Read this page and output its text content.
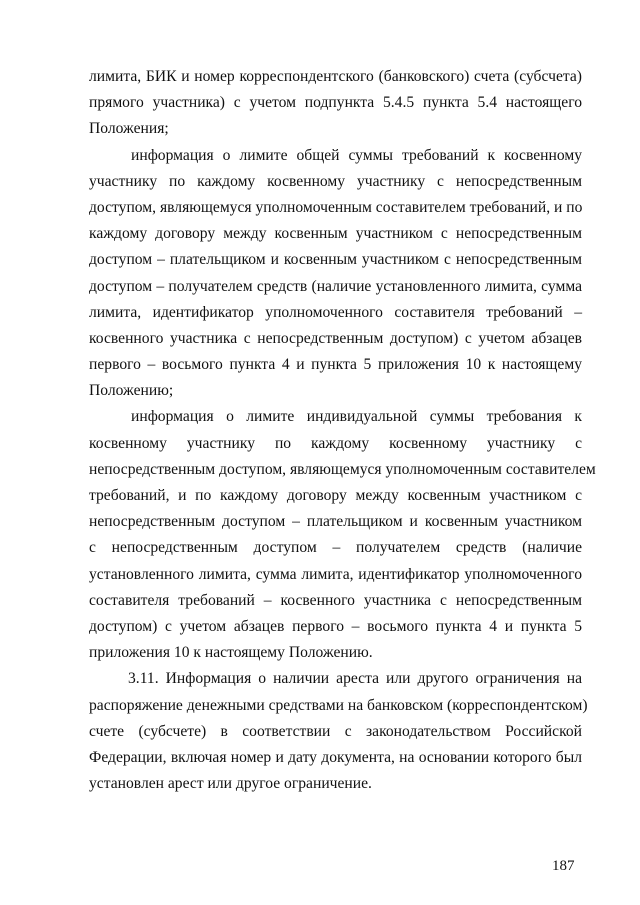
лимита, БИК и номер корреспондентского (банковского) счета (субсчета)
прямого участника) с учетом подпункта 5.4.5 пункта 5.4 настоящего
Положения;
информация о лимите общей суммы требований к косвенному
участнику по каждому косвенному участнику с непосредственным
доступом, являющемуся уполномоченным составителем требований, и по
каждому договору между косвенным участником с непосредственным
доступом – плательщиком и косвенным участником с непосредственным
доступом – получателем средств (наличие установленного лимита, сумма
лимита, идентификатор уполномоченного составителя требований –
косвенного участника с непосредственным доступом) с учетом абзацев
первого – восьмого пункта 4 и пункта 5 приложения 10 к настоящему
Положению;
информация о лимите индивидуальной суммы требования к
косвенному участнику по каждому косвенному участнику с
непосредственным доступом, являющемуся уполномоченным составителем
требований, и по каждому договору между косвенным участником с
непосредственным доступом – плательщиком и косвенным участником
с непосредственным доступом – получателем средств (наличие
установленного лимита, сумма лимита, идентификатор уполномоченного
составителя требований – косвенного участника с непосредственным
доступом) с учетом абзацев первого – восьмого пункта 4 и пункта 5
приложения 10 к настоящему Положению.
3.11. Информация о наличии ареста или другого ограничения на
распоряжение денежными средствами на банковском (корреспондентском)
счете (субсчете) в соответствии с законодательством Российской
Федерации, включая номер и дату документа, на основании которого был
установлен арест или другое ограничение.
187
